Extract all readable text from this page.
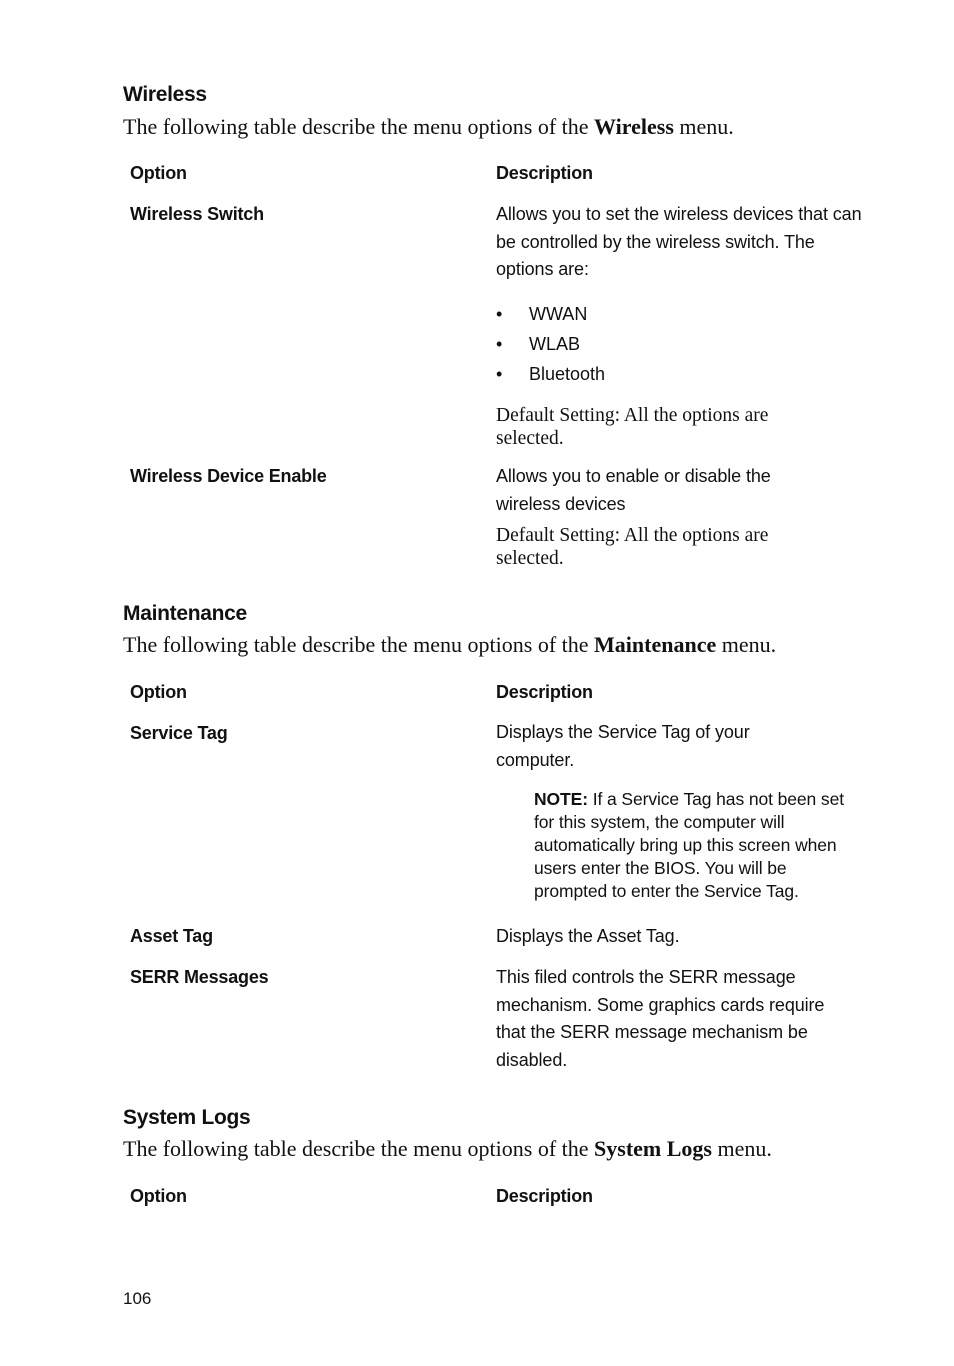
Wireless
The following table describe the menu options of the Wireless menu.
Option	Description
Wireless Switch	Allows you to set the wireless devices that can be controlled by the wireless switch. The options are:
• WWAN
• WLAB
• Bluetooth
Default Setting: All the options are selected.
Wireless Device Enable	Allows you to enable or disable the wireless devices
Default Setting: All the options are selected.
Maintenance
The following table describe the menu options of the Maintenance menu.
Option	Description
Service Tag	Displays the Service Tag of your computer.
NOTE: If a Service Tag has not been set for this system, the computer will automatically bring up this screen when users enter the BIOS. You will be prompted to enter the Service Tag.
Asset Tag	Displays the Asset Tag.
SERR Messages	This filed controls the SERR message mechanism. Some graphics cards require that the SERR message mechanism be disabled.
System Logs
The following table describe the menu options of the System Logs menu.
Option	Description
106
